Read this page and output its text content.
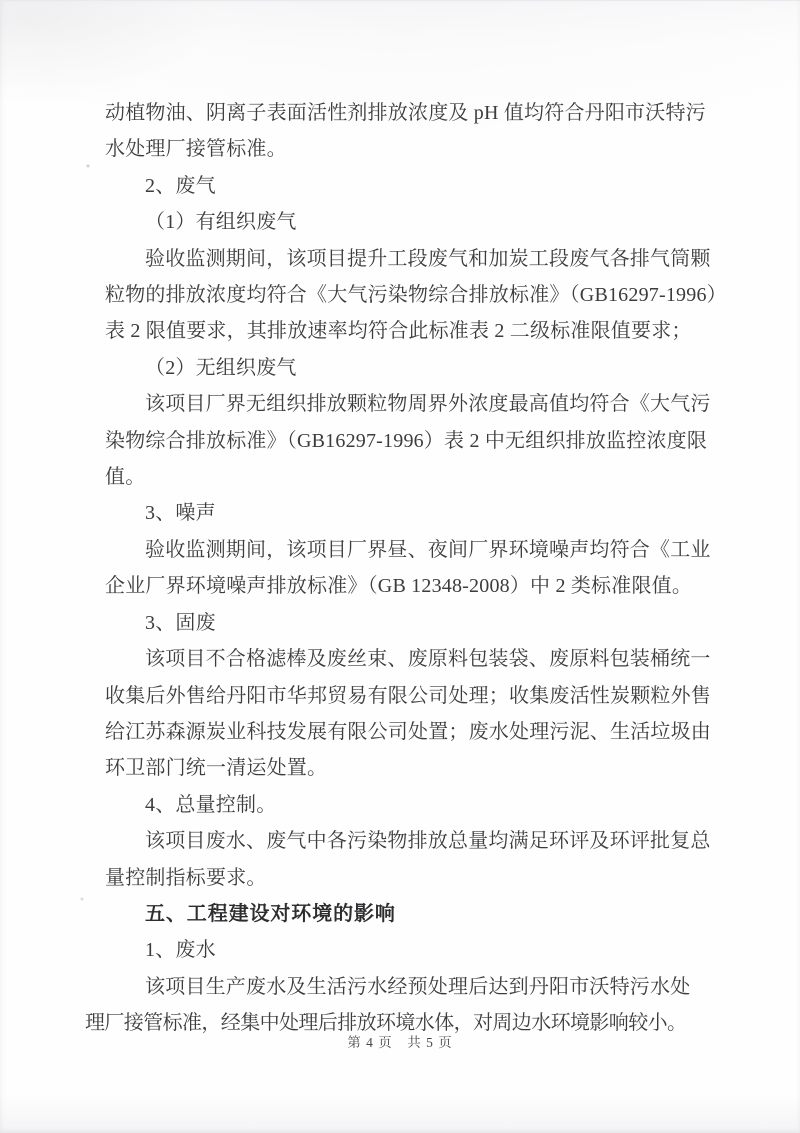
动植物油、阴离子表面活性剂排放浓度及 pH 值均符合丹阳市沃特污

水处理厂接管标准。

2、废气

（1）有组织废气

验收监测期间，该项目提升工段废气和加炭工段废气各排气筒颗

粒物的排放浓度均符合《大气污染物综合排放标准》（GB16297-1996）

表 2 限值要求，其排放速率均符合此标准表 2 二级标准限值要求；

（2）无组织废气

该项目厂界无组织排放颗粒物周界外浓度最高值均符合《大气污

染物综合排放标准》（GB16297-1996）表 2 中无组织排放监控浓度限

值。

3、噪声

验收监测期间，该项目厂界昼、夜间厂界环境噪声均符合《工业

企业厂界环境噪声排放标准》（GB 12348-2008）中 2 类标准限值。

3、固废

该项目不合格滤棒及废丝束、废原料包装袋、废原料包装桶统一

收集后外售给丹阳市华邦贸易有限公司处理；收集废活性炭颗粒外售

给江苏森源炭业科技发展有限公司处置；废水处理污泥、生活垃圾由

环卫部门统一清运处置。

4、总量控制。

该项目废水、废气中各污染物排放总量均满足环评及环评批复总

量控制指标要求。

五、工程建设对环境的影响

1、废水

该项目生产废水及生活污水经预处理后达到丹阳市沃特污水处

理厂接管标准，经集中处理后排放环境水体，对周边水环境影响较小。

第 4 页　共 5 页
